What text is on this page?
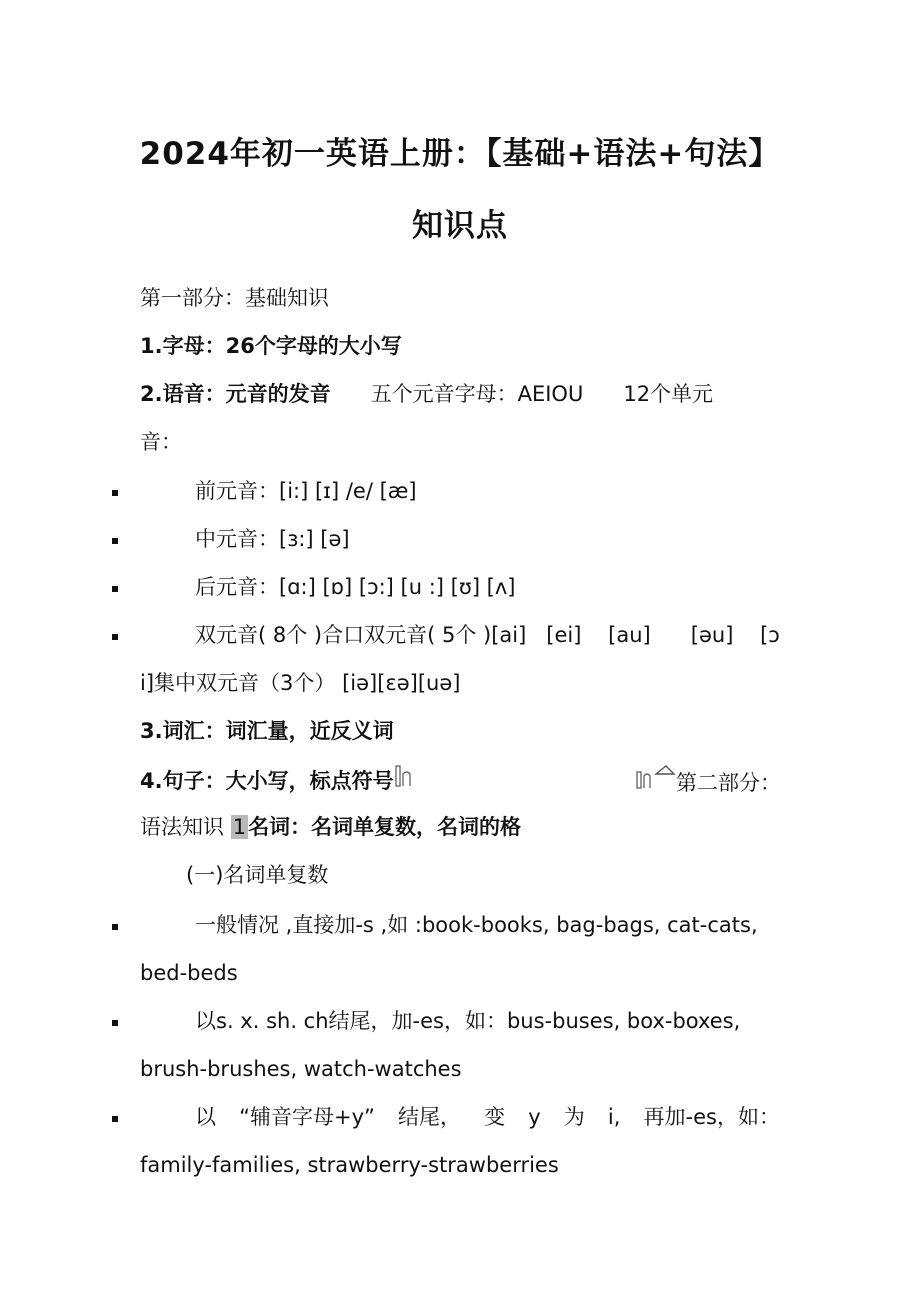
2024年初一英语上册：【基础+语法+句法】
知识点

第一部分：基础知识

1.字母：26个字母的大小写

2.语音：元音的发音 五个元音字母：AEIOU 12个单元

音：

前元音：[i:] [ɪ] /e/ [æ]

中元音：[ɜ:] [ə]

后元音：[ɑ:] [ɒ] [ɔ:] [u :] [ʊ] [ʌ]

双元音( 8个 )合口双元音( 5个 )[ai]   [ei]    [au]      [əu]    [ɔ

i]集中双元音（3个） [iə][ɛə][uə]

3.词汇：词汇量，近反义词

4.句子：大小写，标点符号	第二部分：

语法知识 1名词：名词单复数，名词的格

(一)名词单复数

一般情况 ,直接加-s ,如 :book-books, bag-bags, cat-cats,

bed-beds

以s. x. sh. ch结尾，加-es，如：bus-buses, box-boxes,

brush-brushes, watch-watches

以 “辅音字母+y” 结尾， 变 y 为 i, 再加-es，如：

family-families, strawberry-strawberries
